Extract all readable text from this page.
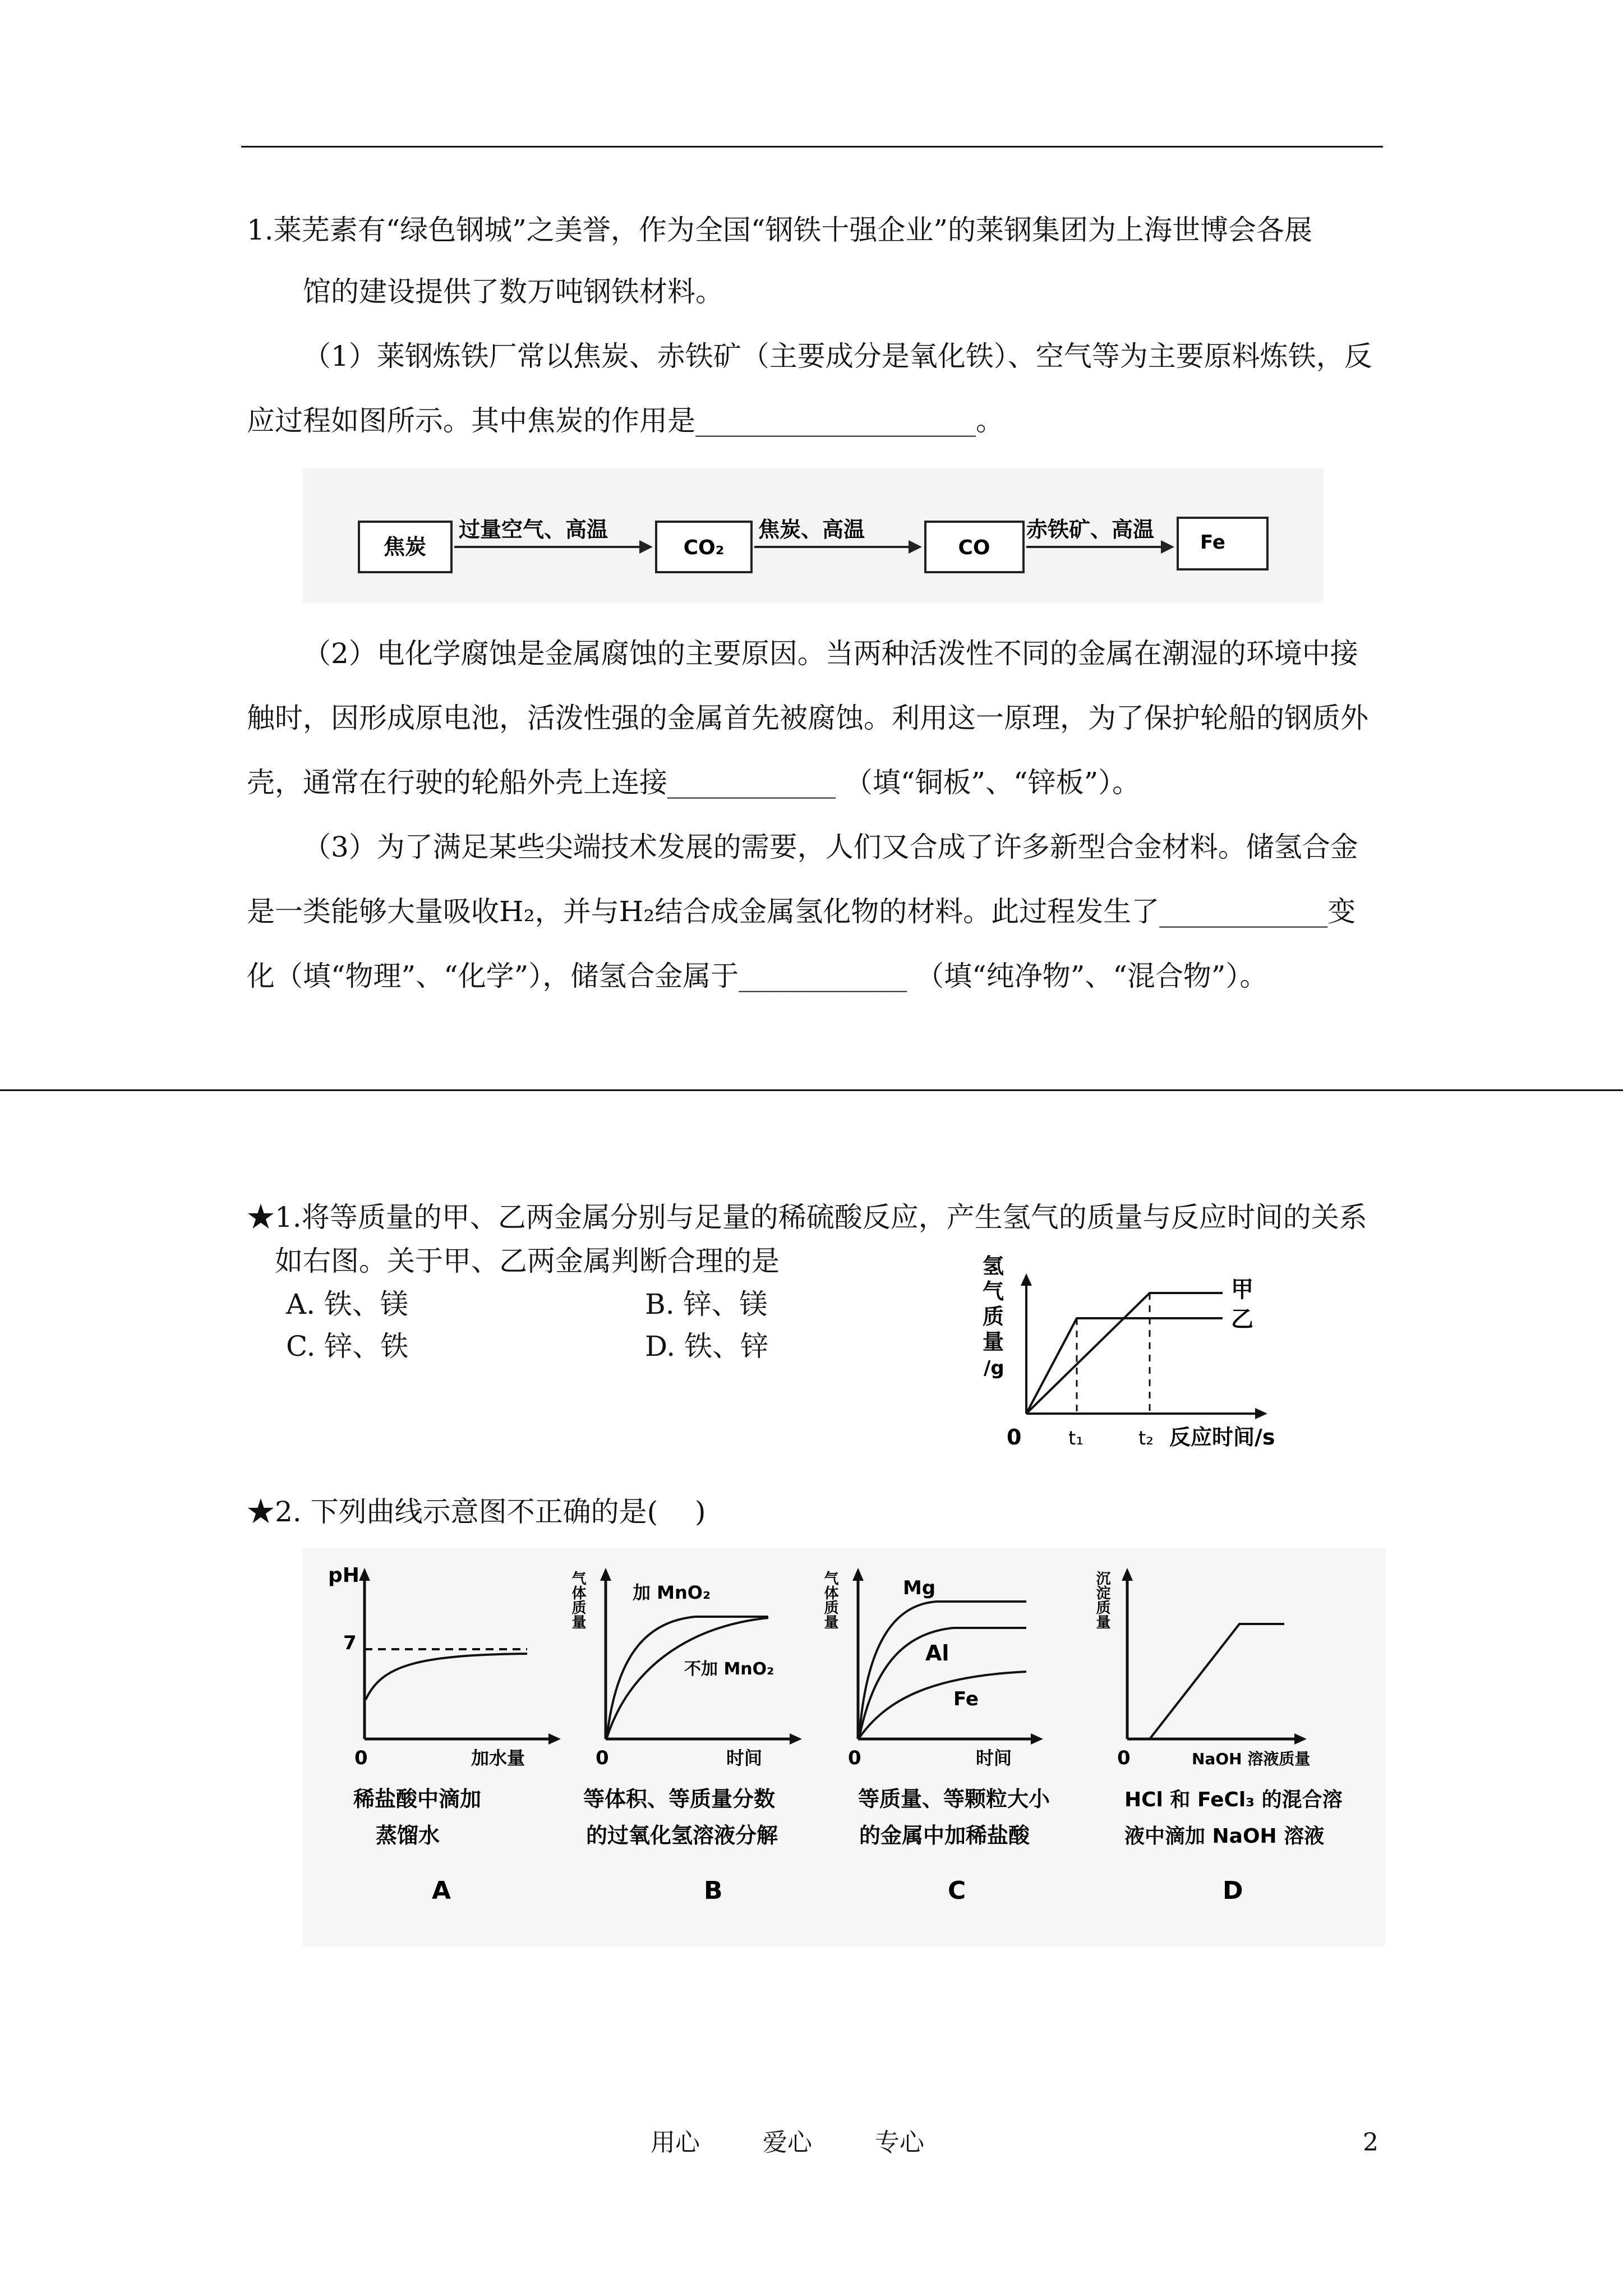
1.莱芜素有“绿色钢城”之美誉，作为全国“钢铁十强企业”的莱钢集团为上海世博会各展
馆的建设提供了数万吨钢铁材料。
（1）莱钢炼铁厂常以焦炭、赤铁矿（主要成分是氧化铁）、空气等为主要原料炼铁，反
应过程如图所示。其中焦炭的作用是____________________。
焦炭
过量空气、高温
CO₂
焦炭、高温
CO
赤铁矿、高温
Fe
（2）电化学腐蚀是金属腐蚀的主要原因。当两种活泼性不同的金属在潮湿的环境中接
触时，因形成原电池，活泼性强的金属首先被腐蚀。利用这一原理，为了保护轮船的钢质外
壳，通常在行驶的轮船外壳上连接____________ （填“铜板”、“锌板”）。
（3）为了满足某些尖端技术发展的需要，人们又合成了许多新型合金材料。储氢合金
是一类能够大量吸收H₂，并与H₂结合成金属氢化物的材料。此过程发生了____________变
化（填“物理”、“化学”），储氢合金属于____________ （填“纯净物”、“混合物”）。
★1.将等质量的甲、乙两金属分别与足量的稀硫酸反应，产生氢气的质量与反应时间的关系
如右图。关于甲、乙两金属判断合理的是
A. 铁、镁	B. 锌、镁
C. 锌、铁	D. 铁、锌
氢
气
质
量
/g
甲
乙
0 t₁	t₂ 反应时间/s
★2. 下列曲线示意图不正确的是(　 )
pH
7
0	加水量
稀盐酸中滴加
蒸馏水
A
气体质量	加 MnO₂
不加 MnO₂
0	时间
等体积、等质量分数
的过氧化氢溶液分解
B
气体质量	Mg
Al
Fe
0	时间
等质量、等颗粒大小
的金属中加稀盐酸
C
沉淀质量
0	NaOH 溶液质量
HCl 和 FeCl₃ 的混合溶
液中滴加 NaOH 溶液
D
用心	爱心	专心	2
